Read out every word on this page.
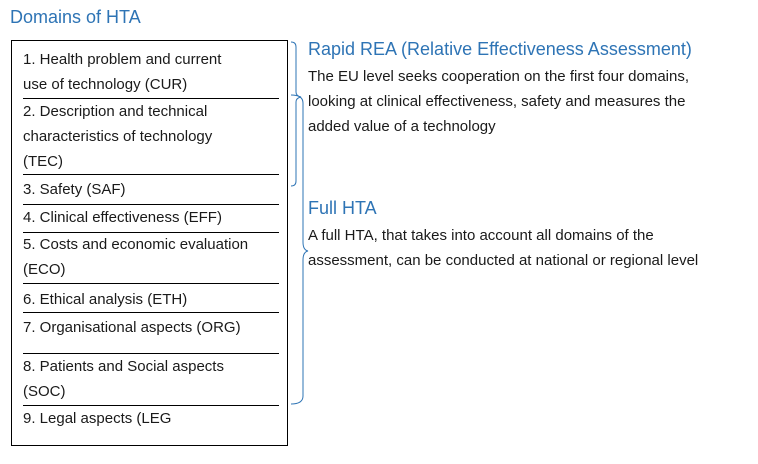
Domains of HTA
1. Health problem and current
use of technology (CUR)
2. Description and technical
characteristics of technology
(TEC)
3. Safety (SAF)
4. Clinical effectiveness (EFF)
5. Costs and economic evaluation
(ECO)
6. Ethical analysis (ETH)
7. Organisational aspects (ORG)
8. Patients and Social aspects
(SOC)
9. Legal aspects (LEG
Rapid REA (Relative Effectiveness Assessment)
The EU level seeks cooperation on the first four domains,
looking at clinical effectiveness, safety and measures the
added value of a technology
Full HTA
A full HTA, that takes into account all domains of the
assessment, can be conducted at national or regional level
